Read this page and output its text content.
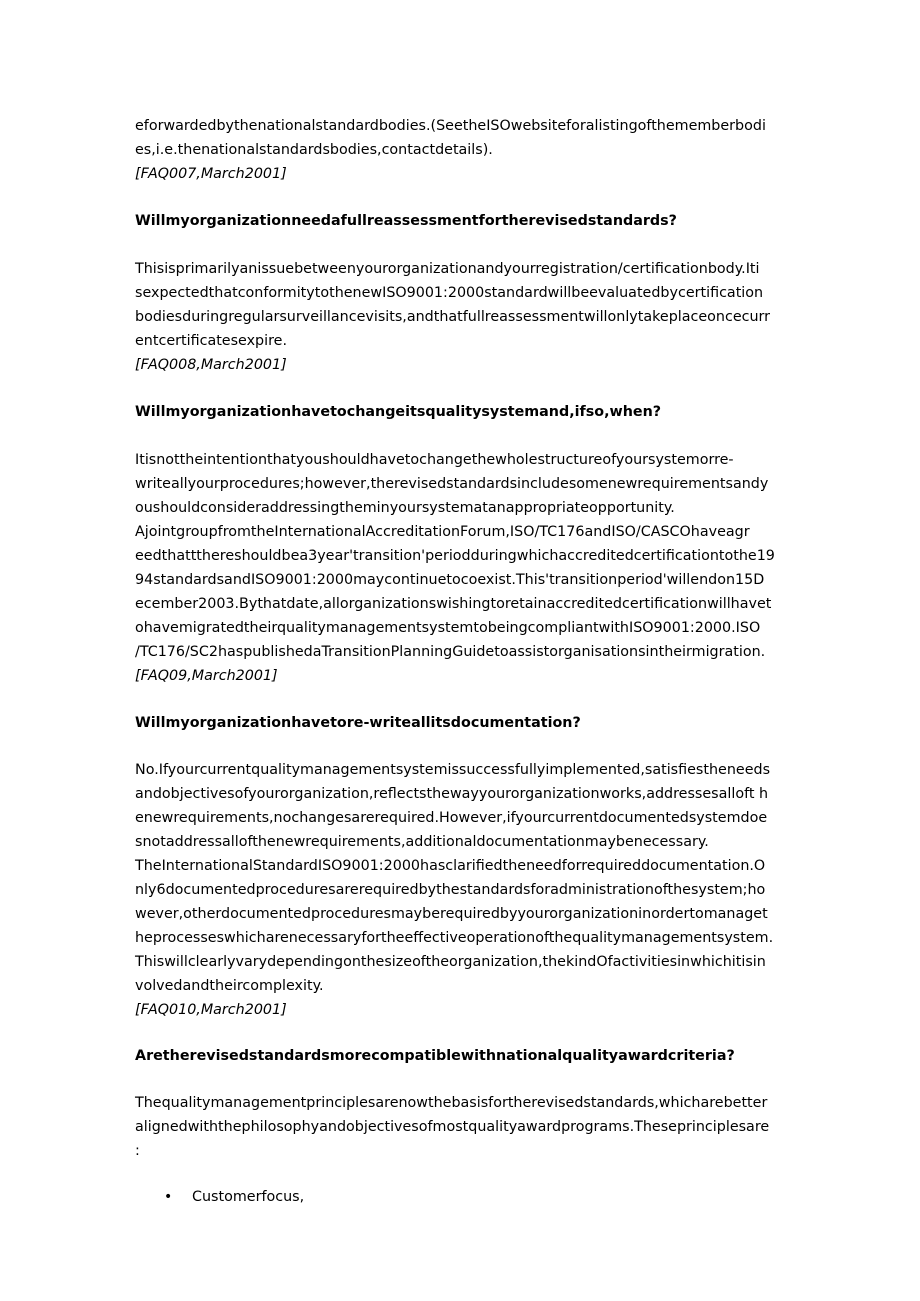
eforwardedbythenationalstandardbodies.(SeetheISOwebsiteforalistingofthememberbodi
es,i.e.thenationalstandardsbodies,contactdetails).
[FAQ007,March2001]
Willmyorganizationneedafullreassessmentfortherevisedstandards?
Thisisprimarilyanissuebetweenyourorganizationandyourregistration/certificationbody.Iti
sexpectedthatconformitytothenewISO9001:2000standardwillbeevaluatedbycertification
bodiesduringregularsurveillancevisits,andthatfullreassessmentwillonlytakeplaceoncecurr
entcertificatesexpire.
[FAQ008,March2001]
Willmyorganizationhavetochangeitsqualitysystemand,ifso,when?
Itisnottheintentionthatyoushouldhavetochangethewholestructureofyoursystemorre-
writeallyourprocedures;however,therevisedstandardsincludesomenewrequirementsandy
oushouldconsideraddressingtheminyoursystematanappropriateopportunity.
AjointgroupfromtheInternationalAccreditationForum,ISO/TC176andISO/CASCOhaveagr
eedthattthereshouldbea3year'transition'periodduringwhichaccreditedcertificationtothe19
94standardsandISO9001:2000maycontinuetocoexist.This'transitionperiod'willendon15D
ecember2003.Bythatdate,allorganizationswishingtoretainaccreditedcertificationwillhavet
ohavemigratedtheirqualitymanagementsystemtobeingcompliantwithISO9001:2000.ISO
/TC176/SC2haspublishedaTransitionPlanningGuidetoassistorganisationsintheirmigration.
[FAQ09,March2001]
Willmyorganizationhavetore-writeallitsdocumentation?
No.Ifyourcurrentqualitymanagementsystemissuccessfullyimplemented,satisfiestheneeds
andobjectivesofyourorganization,reflectsthewayyourorganizationworks,addressesalloft h
enewrequirements,nochangesarerequired.However,ifyourcurrentdocumentedsystemdoe
snotaddressallofthenewrequirements,additionaldocumentationmaybenecessary.
TheInternationalStandardISO9001:2000hasclarifiedtheneedforrequireddocumentation.O
nly6documentedproceduresarerequiredbythestandardsforadministrationofthesystem;ho
wever,otherdocumentedproceduresmayberequiredbyyourorganizationinordertomanaget
heprocesseswhicharenecessaryfortheeffectiveoperationofthequalitymanagementsystem.
Thiswillclearlyvarydependingonthesizeoftheorganization,thekindOfactivitiesinwhichitisin
volvedandtheircomplexity.
[FAQ010,March2001]
Aretherevisedstandardsmorecompatiblewithnationalqualityawardcriteria?
Thequalitymanagementprinciplesarenowthebasisfortherevisedstandards,whicharebetter
alignedwiththephilosophyandobjectivesofmostqualityawardprograms.Theseprinciplesare
:
• Customerfocus,
